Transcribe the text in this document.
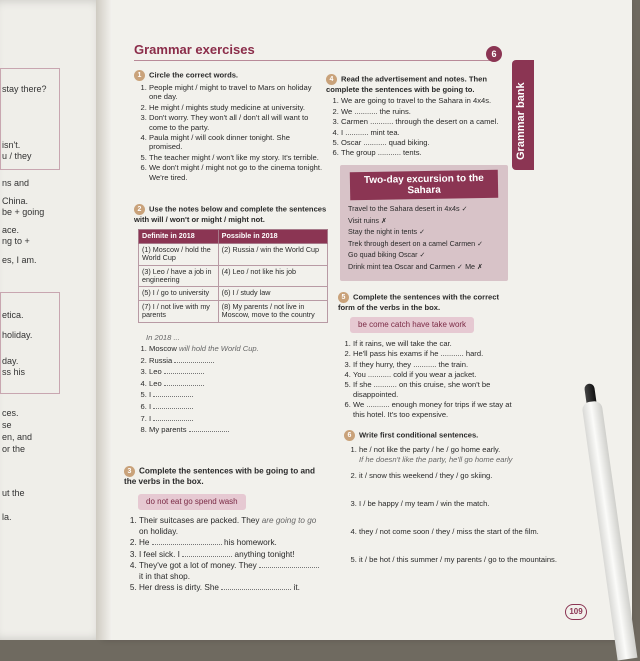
stay there?
isn't.
u / they
ns and
China.
be + going
ace.
ng to +
es, I am.
etica.
holiday.
day.
ss his
ces.
se
en, and
or the
ut the
la.
Grammar exercises	6
Grammar bank
1 Circle the correct words.
1. People might / might to travel to Mars on holiday one day.
2. He might / mights study medicine at university.
3. Don't worry. They won't all / don't all will want to come to the party.
4. Paula might / will cook dinner tonight. She promised.
5. The teacher might / won't like my story. It's terrible.
6. We don't might / might not go to the cinema tonight. We're tired.
2 Use the notes below and complete the sentences with will / won't or might / might not.
Definite in 2018	Possible in 2018
(1) Moscow / hold the World Cup	(2) Russia / win the World Cup
(3) Leo / have a job in engineering	(4) Leo / not like his job
(5) I / go to university	(6) I / study law
(7) I / not live with my parents	(8) My parents / not live in Moscow, move to the country
In 2018 ...
1. Moscow will hold the World Cup.
2. Russia
3. Leo
4. Leo
5. I
6. I
7. I
8. My parents
3 Complete the sentences with be going to and the verbs in the box.
do not eat go spend wash
1. Their suitcases are packed. They are going to go on holiday.
2. He	his homework.
3. I feel sick. I	anything tonight!
4. They've got a lot of money. They  it in that shop.
5. Her dress is dirty. She	it.
4 Read the advertisement and notes. Then complete the sentences with be going to.
1. We are going to travel to the Sahara in 4x4s.
2. We ........... the ruins.
3. Carmen ........... through the desert on a camel.
4. I ........... mint tea.
5. Oscar ........... quad biking.
6. The group ........... tents.
Two-day excursion to the Sahara
Travel to the Sahara desert in 4x4s ✓
Visit ruins ✗
Stay the night in tents ✓
Trek through desert on a camel Carmen ✓
Go quad biking Oscar ✓
Drink mint tea Oscar and Carmen ✓ Me ✗
5 Complete the sentences with the correct form of the verbs in the box.
be come catch have take work
1. If it rains, we will take the car.
2. He'll pass his exams if he ........... hard.
3. If they hurry, they ........... the train.
4. You ........... cold if you wear a jacket.
5. If she ........... on this cruise, she won't be disappointed.
6. We ........... enough money for trips if we stay at this hotel. It's too expensive.
6 Write first conditional sentences.
1. he / not like the party / he / go home early.
If he doesn't like the party, he'll go home early
2. it / snow this weekend / they / go skiing.
3. I / be happy / my team / win the match.
4. they / not come soon / they / miss the start of the film.
5. it / be hot / this summer / my parents / go to the mountains.
109
